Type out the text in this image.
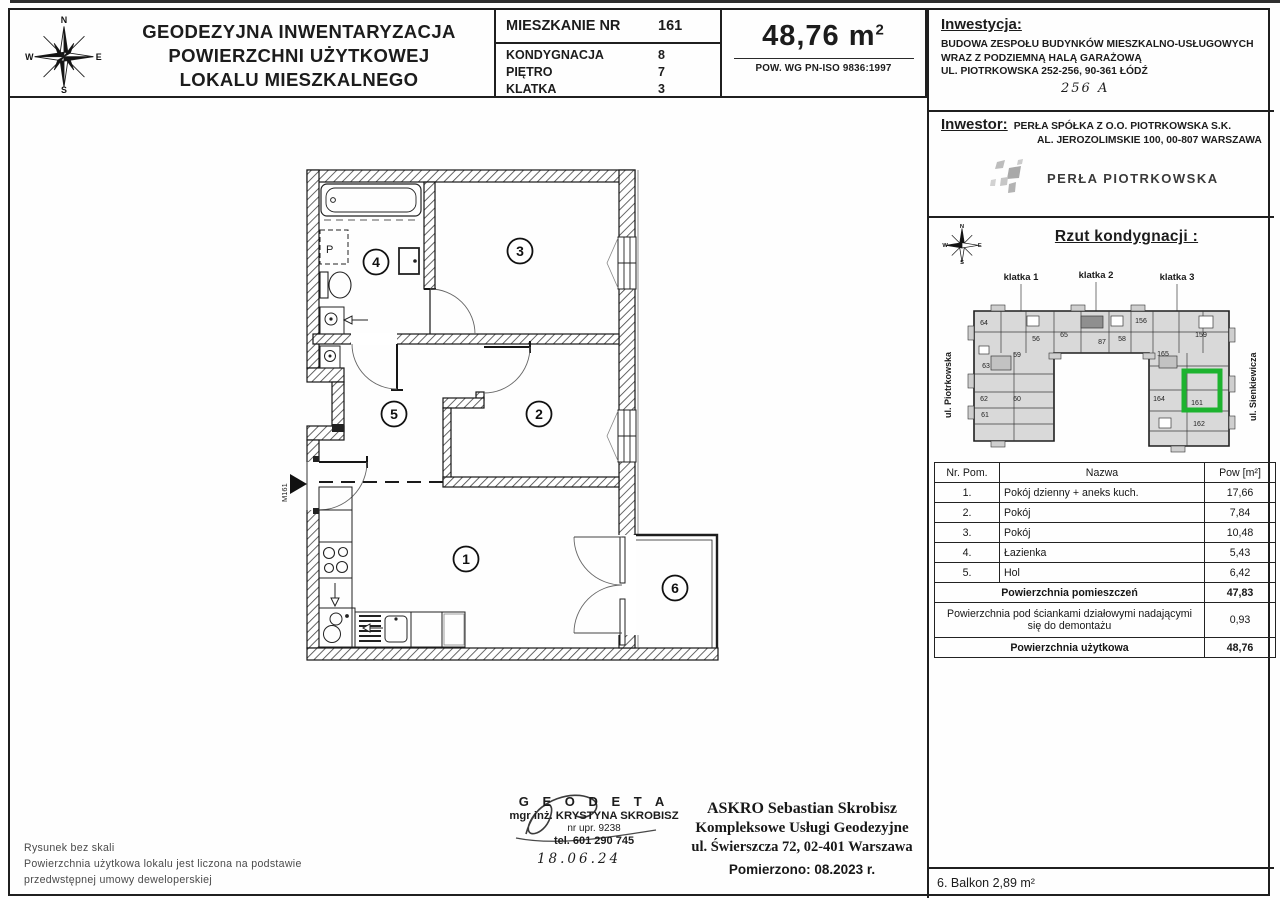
N
W	E
S
GEODEZYJNA INWENTARYZACJA
POWIERZCHNI UŻYTKOWEJ
LOKALU MIESZKALNEGO
MIESZKANIE NR	161
KONDYGNACJA	8
PIĘTRO	7
KLATKA	3
48,76 $m^2$
POW. WG PN-ISO 9836:1997
Inwestycja:
BUDOWA ZESPOŁU BUDYNKÓW MIESZKALNO-USŁUGOWYCH
WRAZ Z PODZIEMNĄ HALĄ GARAŻOWĄ
UL. PIOTRKOWSKA 252-256, 90-361 ŁÓDŹ
256 A
Inwestor: PERŁA SPÓŁKA Z O.O. PIOTRKOWSKA S.K.
AL. JEROZOLIMSKIE 100, 00-807 WARSZAWA
PERŁA PIOTRKOWSKA
N
W E
S
Rzut kondygnacji :
klatka 1	klatka 2	klatka 3
64
56
65
87 58
156
59
63
159
165
62	60	164
61
161
162
ul. Piotrkowska	ul. Sienkiewicza
Nr. Pom.	Nazwa	Pow [m²]
1.	Pokój dzienny + aneks kuch.	17,66
2.	Pokój	7,84
3.	Pokój	10,48
4.	Łazienka	5,43
5.	Hol	6,42
Powierzchnia pomieszczeń		47,83
Powierzchnia pod ściankami działowymi nadającymi się do demontażu		0,93
Powierzchnia użytkowa		48,76
6. Balkon 2,89 m²
M161
P
1
2
3
4
5
6
Rysunek bez skali
Powierzchnia użytkowa lokalu jest liczona na podstawie
przedwstępnej umowy deweloperskiej
G E O D E T A
mgr inż. KRYSTYNA SKROBISZ
nr upr. 9238
tel. 601 290 745
18.06.24
ASKRO Sebastian Skrobisz
Kompleksowe Usługi Geodezyjne
ul. Świerszcza 72, 02-401 Warszawa
Pomierzono: 08.2023 r.
